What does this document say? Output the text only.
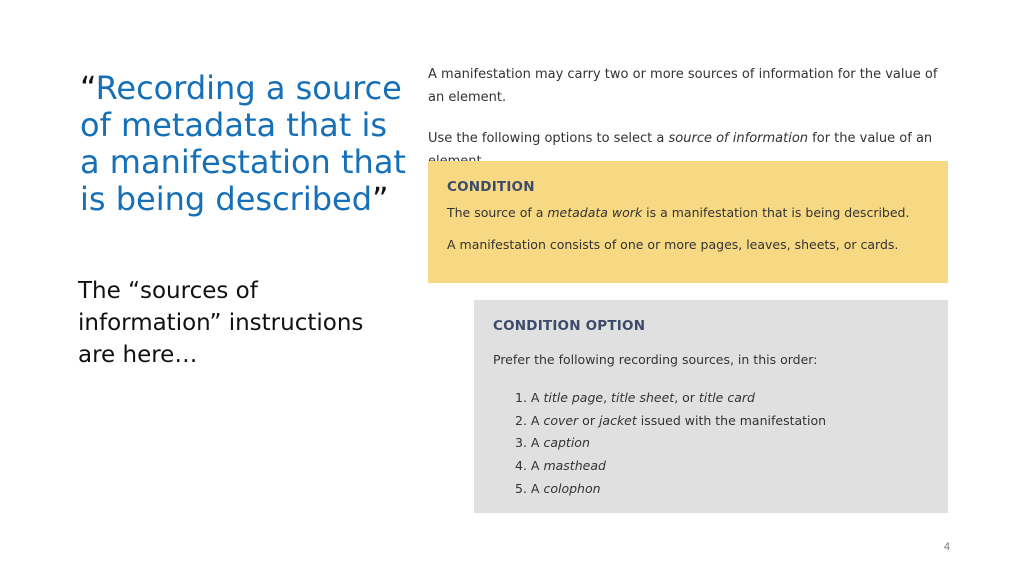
“Recording a source of metadata that is a manifestation that is being described”
The “sources of information” instructions are here…

A manifestation may carry two or more sources of information for the value of an element.

Use the following options to select a source of information for the value of an

CONDITION
The source of a metadata work is a manifestation that is being described.
A manifestation consists of one or more pages, leaves, sheets, or cards.
CONDITION OPTION
Prefer the following recording sources, in this order:
1. A title page, title sheet, or title card
2. A cover or jacket issued with the manifestation
3. A caption
4. A masthead
5. A colophon
4
